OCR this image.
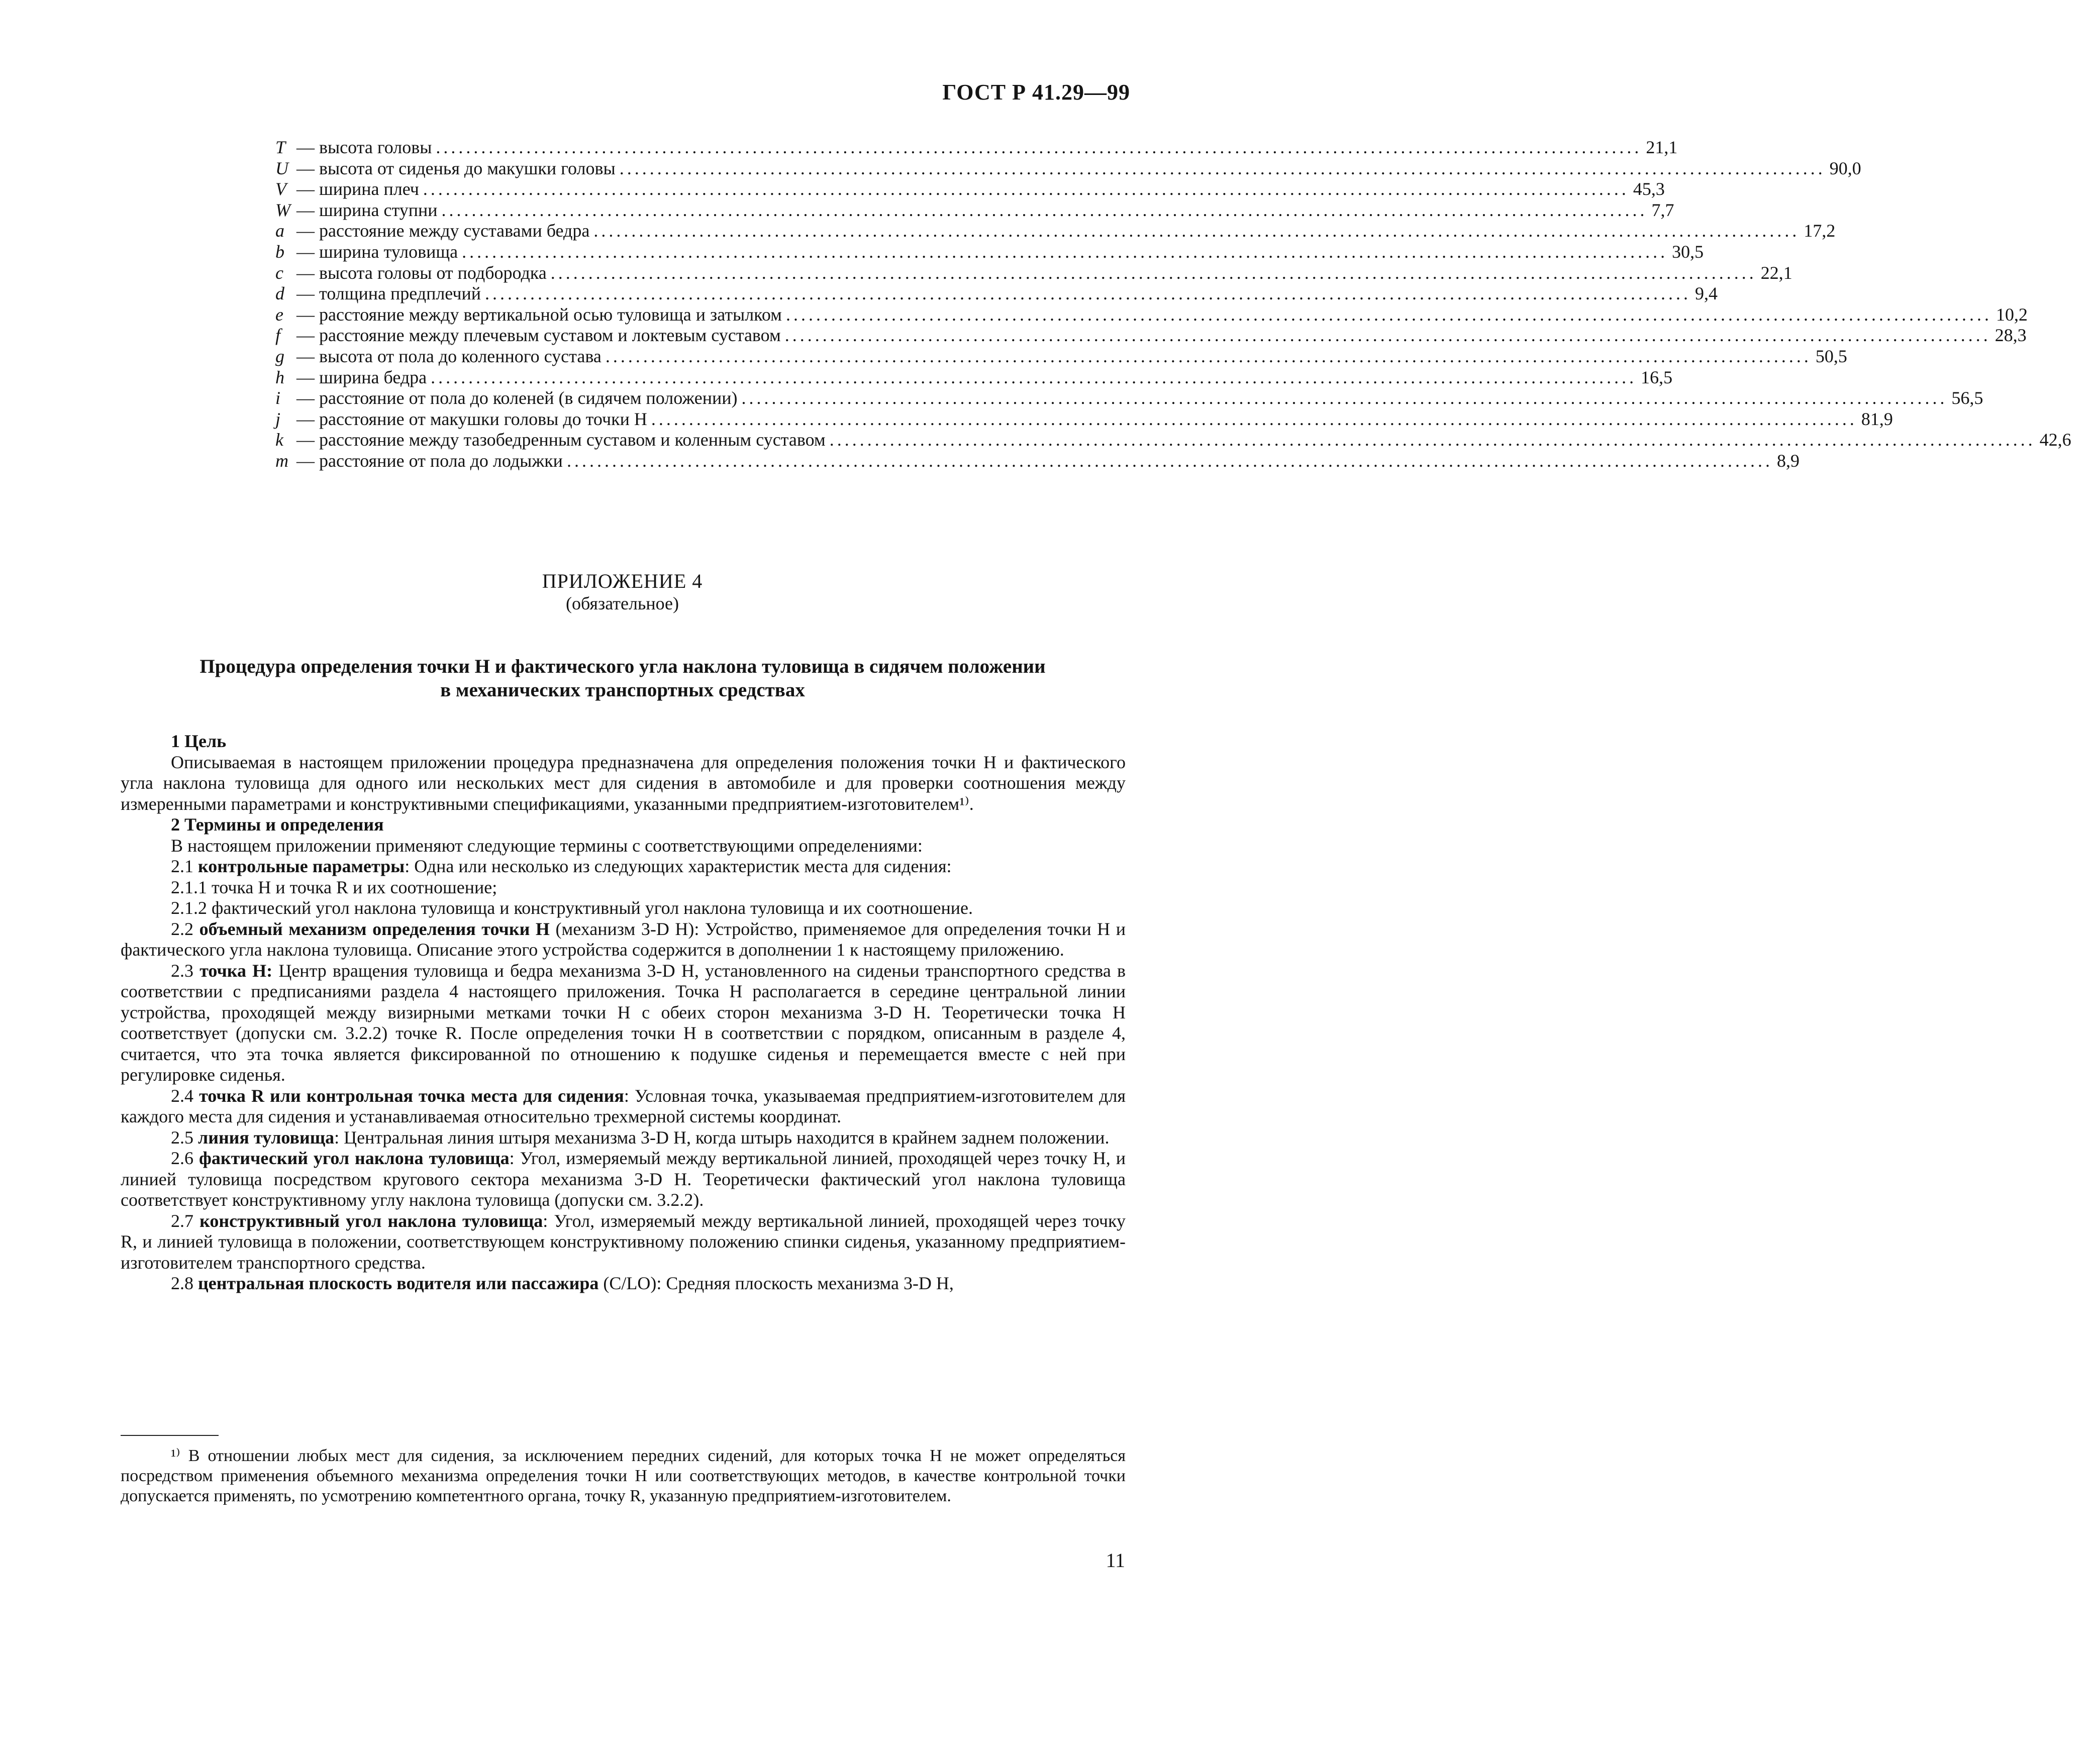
ГОСТ Р 41.29—99
T — высота головы ................................................................................................................................................................ 21,1
U — высота от сиденья до макушки головы ................................................................................................................................................................ 90,0
V — ширина плеч ................................................................................................................................................................ 45,3
W — ширина ступни ................................................................................................................................................................ 7,7
a — расстояние между суставами бедра ................................................................................................................................................................ 17,2
b — ширина туловища ................................................................................................................................................................ 30,5
c — высота головы от подбородка ................................................................................................................................................................ 22,1
d — толщина предплечий ................................................................................................................................................................ 9,4
e — расстояние между вертикальной осью туловища и затылком ................................................................................................................................................................ 10,2
f — расстояние между плечевым суставом и локтевым суставом ................................................................................................................................................................ 28,3
g — высота от пола до коленного сустава ................................................................................................................................................................ 50,5
h — ширина бедра ................................................................................................................................................................ 16,5
i — расстояние от пола до коленей (в сидячем положении) ................................................................................................................................................................ 56,5
j — расстояние от макушки головы до точки H ................................................................................................................................................................ 81,9
k — расстояние между тазобедренным суставом и коленным суставом ................................................................................................................................................................ 42,6
m — расстояние от пола до лодыжки ................................................................................................................................................................ 8,9
ПРИЛОЖЕНИЕ 4
(обязательное)
Процедура определения точки H и фактического угла наклона туловища в сидячем положении
в механических транспортных средствах

1 Цель

Описываемая в настоящем приложении процедура предназначена для определения положения точки H и фактического угла наклона туловища для одного или нескольких мест для сидения в автомобиле и для проверки соотношения между измеренными параметрами и конструктивными спецификациями, указанными предприятием-изготовителем¹⁾.

2 Термины и определения

В настоящем приложении применяют следующие термины с соответствующими определениями:

2.1 контрольные параметры: Одна или несколько из следующих характеристик места для сидения:

2.1.1 точка H и точка R и их соотношение;

2.1.2 фактический угол наклона туловища и конструктивный угол наклона туловища и их соотношение.

2.2 объемный механизм определения точки H (механизм 3-D H): Устройство, применяемое для определения точки H и фактического угла наклона туловища. Описание этого устройства содержится в дополнении 1 к настоящему приложению.

2.3 точка H: Центр вращения туловища и бедра механизма 3-D H, установленного на сиденьи транспортного средства в соответствии с предписаниями раздела 4 настоящего приложения. Точка H располагается в середине центральной линии устройства, проходящей между визирными метками точки H с обеих сторон механизма 3-D H. Теоретически точка H соответствует (допуски см. 3.2.2) точке R. После определения точки H в соответствии с порядком, описанным в разделе 4, считается, что эта точка является фиксированной по отношению к подушке сиденья и перемещается вместе с ней при регулировке сиденья.

2.4 точка R или контрольная точка места для сидения: Условная точка, указываемая предприятием-изготовителем для каждого места для сидения и устанавливаемая относительно трехмерной системы координат.

2.5 линия туловища: Центральная линия штыря механизма 3-D H, когда штырь находится в крайнем заднем положении.

2.6 фактический угол наклона туловища: Угол, измеряемый между вертикальной линией, проходящей через точку H, и линией туловища посредством кругового сектора механизма 3-D H. Теоретически фактический угол наклона туловища соответствует конструктивному углу наклона туловища (допуски см. 3.2.2).

2.7 конструктивный угол наклона туловища: Угол, измеряемый между вертикальной линией, проходящей через точку R, и линией туловища в положении, соответствующем конструктивному положению спинки сиденья, указанному предприятием-изготовителем транспортного средства.

2.8 центральная плоскость водителя или пассажира (C/LO): Средняя плоскость механизма 3-D H,

¹⁾ В отношении любых мест для сидения, за исключением передних сидений, для которых точка H не может определяться посредством применения объемного механизма определения точки H или соответствующих методов, в качестве контрольной точки допускается применять, по усмотрению компетентного органа, точку R, указанную предприятием-изготовителем.

11
